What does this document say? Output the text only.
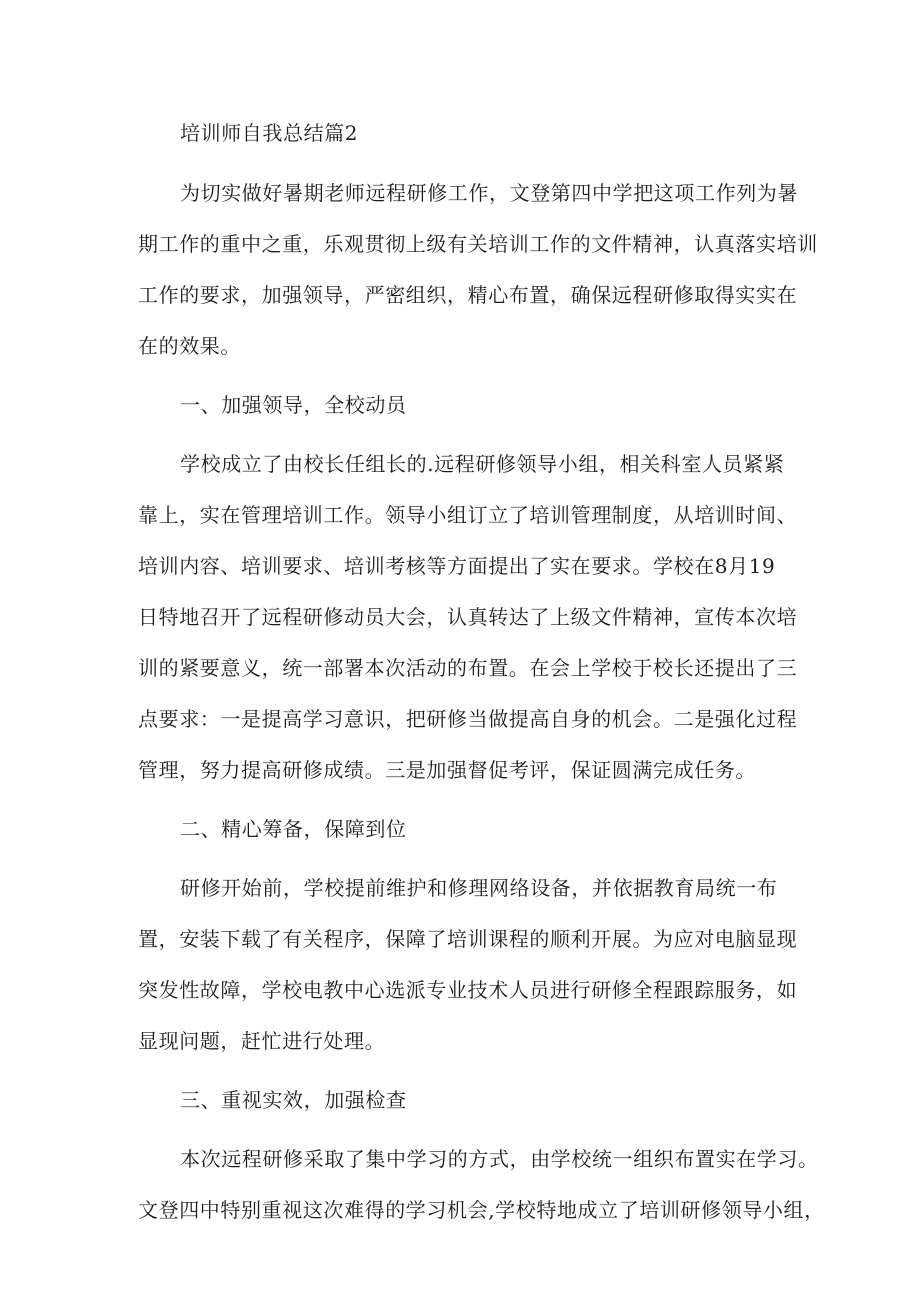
培训师自我总结篇2
为切实做好暑期老师远程研修工作，文登第四中学把这项工作列为暑
期工作的重中之重，乐观贯彻上级有关培训工作的文件精神，认真落实培训
工作的要求，加强领导，严密组织，精心布置，确保远程研修取得实实在
在的效果。
一、加强领导，全校动员
学校成立了由校长任组长的.远程研修领导小组，相关科室人员紧紧
靠上，实在管理培训工作。领导小组订立了培训管理制度，从培训时间、
培训内容、培训要求、培训考核等方面提出了实在要求。学校在8月19
日特地召开了远程研修动员大会，认真转达了上级文件精神，宣传本次培
训的紧要意义，统一部署本次活动的布置。在会上学校于校长还提出了三
点要求：一是提高学习意识，把研修当做提高自身的机会。二是强化过程
管理，努力提高研修成绩。三是加强督促考评，保证圆满完成任务。
二、精心筹备，保障到位
研修开始前，学校提前维护和修理网络设备，并依据教育局统一布
置，安装下载了有关程序，保障了培训课程的顺利开展。为应对电脑显现
突发性故障，学校电教中心选派专业技术人员进行研修全程跟踪服务，如
显现问题，赶忙进行处理。
三、重视实效，加强检查
本次远程研修采取了集中学习的方式，由学校统一组织布置实在学习。
文登四中特别重视这次难得的学习机会,学校特地成立了培训研修领导小组，
